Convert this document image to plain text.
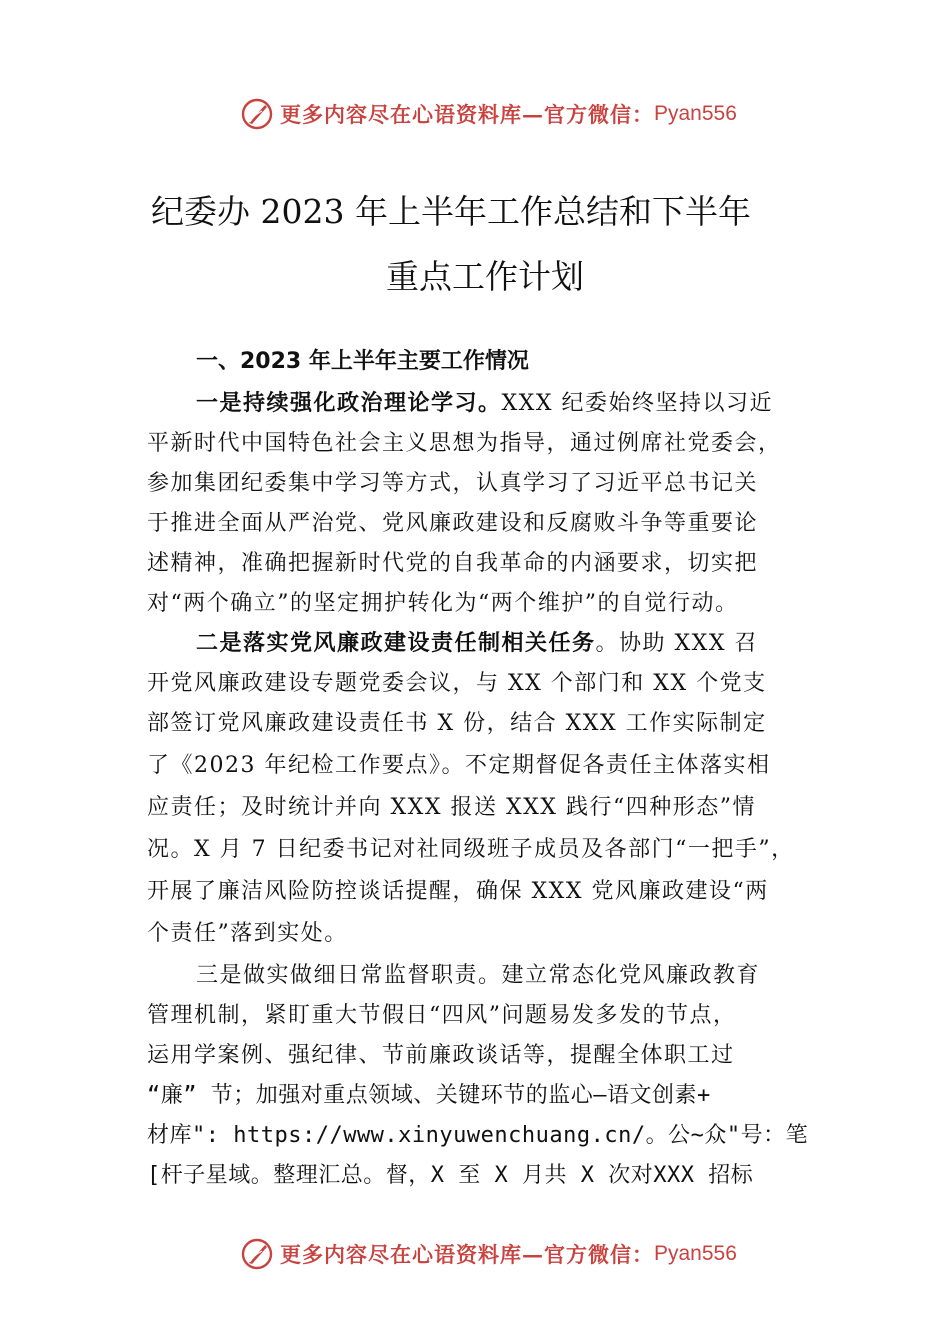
更多内容尽在心语资料库—官方微信： Pyan556
纪委办 2023 年上半年工作总结和下半年
重点工作计划
一、2023 年上半年主要工作情况
一是持续强化政治理论学习。XXX 纪委始终坚持以习近
平新时代中国特色社会主义思想为指导，通过例席社党委会，
参加集团纪委集中学习等方式，认真学习了习近平总书记关
于推进全面从严治党、党风廉政建设和反腐败斗争等重要论
述精神，准确把握新时代党的自我革命的内涵要求，切实把
对“两个确立”的坚定拥护转化为“两个维护”的自觉行动。
二是落实党风廉政建设责任制相关任务。协助 XXX 召
开党风廉政建设专题党委会议，与 XX 个部门和 XX 个党支
部签订党风廉政建设责任书 X 份，结合 XXX 工作实际制定
了《2023 年纪检工作要点》。不定期督促各责任主体落实相
应责任；及时统计并向 XXX 报送 XXX 践行“四种形态”情
况。X 月 7 日纪委书记对社同级班子成员及各部门“一把手”，
开展了廉洁风险防控谈话提醒，确保 XXX 党风廉政建设“两
个责任”落到实处。
三是做实做细日常监督职责。建立常态化党风廉政教育
管理机制，紧盯重大节假日“四风”问题易发多发的节点，
运用学案例、强纪律、节前廉政谈话等，提醒全体职工过
“廉” 节；加强对重点领域、关键环节的监心—语文创素+
材库": https://www.xinyuwenchuang.cn/。公~众"号：笔
[杆子星域。整理汇总。督，X 至 X 月共 X 次对XXX 招标
更多内容尽在心语资料库—官方微信： Pyan556
